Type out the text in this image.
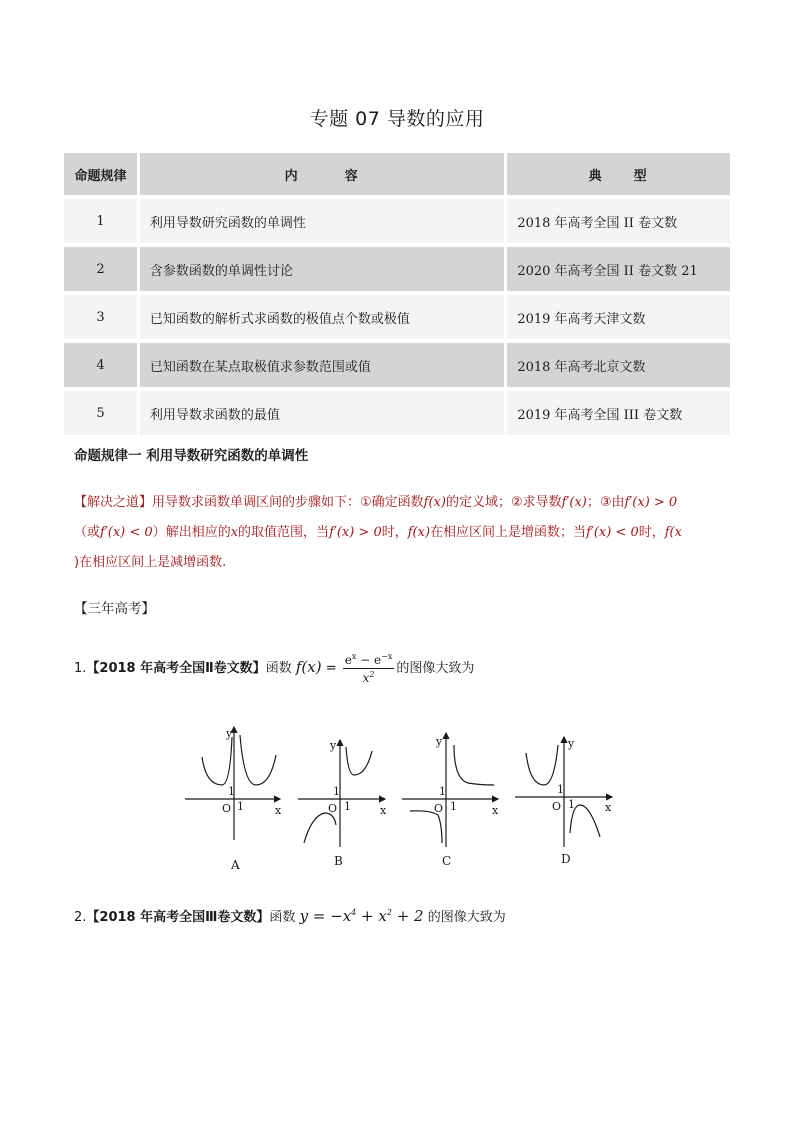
专题 07 导数的应用
命题规律	内　　　容	典　　型
1	利用导数研究函数的单调性	2018 年高考全国 II 卷文数
2	含参数函数的单调性讨论	2020 年高考全国 II 卷文数 21
3	已知函数的解析式求函数的极值点个数或极值	2019 年高考天津文数
4	已知函数在某点取极值求参数范围或值	2018 年高考北京文数
5	利用导数求函数的最值	2019 年高考全国 III 卷文数
命题规律一 利用导数研究函数的单调性
【解决之道】用导数求函数单调区间的步骤如下：①确定函数f(x)的定义域；②求导数f′(x)；③由f′(x) > 0
（或f′(x) < 0）解出相应的x的取值范围，当f′(x) > 0时，f(x)在相应区间上是增函数；当f′(x) < 0时，f(x
)在相应区间上是减增函数.
【三年高考】
1.【2018 年高考全国Ⅱ卷文数】函数 $f(x) = \frac{e^x - e^{-x}}{x^2}$ 的图像大致为
y
x
O
1
1
y
x
O
1
1
y
x
O
1
1
y
x
O
1
1
A	B	C	D
2.【2018 年高考全国Ⅲ卷文数】函数 $y = -x^4 + x^2 + 2$ 的图像大致为
